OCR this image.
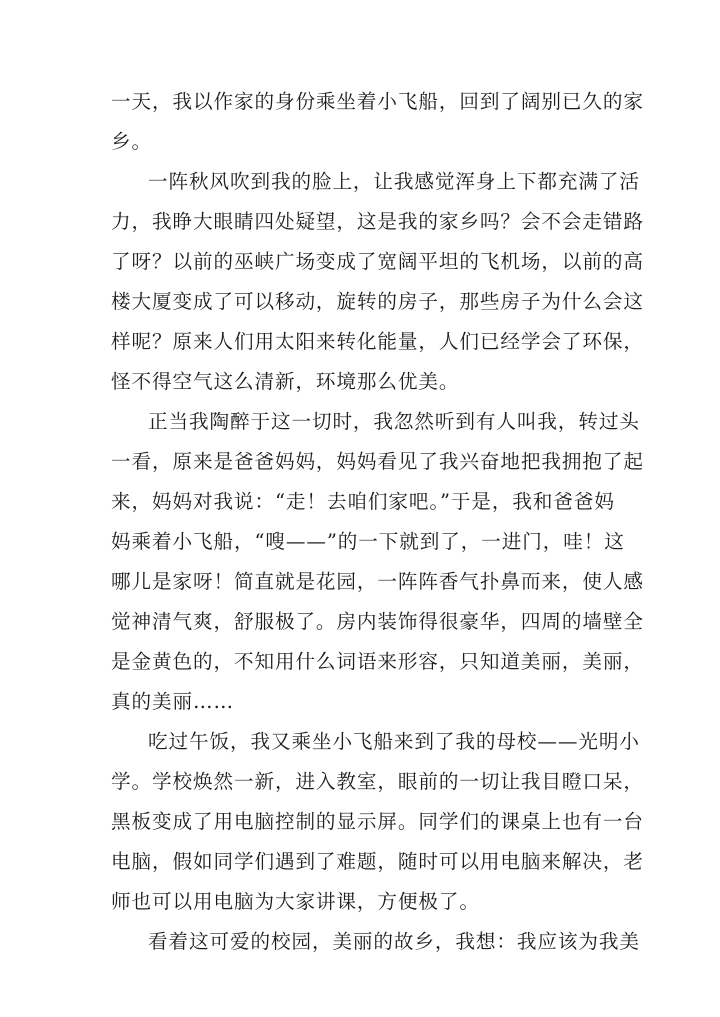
一天，我以作家的身份乘坐着小飞船，回到了阔别已久的家
乡。
一阵秋风吹到我的脸上，让我感觉浑身上下都充满了活
力，我睁大眼睛四处疑望，这是我的家乡吗？会不会走错路
了呀？以前的巫峡广场变成了宽阔平坦的飞机场，以前的高
楼大厦变成了可以移动，旋转的房子，那些房子为什么会这
样呢？原来人们用太阳来转化能量，人们已经学会了环保，
怪不得空气这么清新，环境那么优美。
正当我陶醉于这一切时，我忽然听到有人叫我，转过头
一看，原来是爸爸妈妈，妈妈看见了我兴奋地把我拥抱了起
来，妈妈对我说：“走！去咱们家吧。”于是，我和爸爸妈
妈乘着小飞船，“嗖——”的一下就到了，一进门，哇！这
哪儿是家呀！简直就是花园，一阵阵香气扑鼻而来，使人感
觉神清气爽，舒服极了。房内装饰得很豪华，四周的墙壁全
是金黄色的，不知用什么词语来形容，只知道美丽，美丽，
真的美丽……
吃过午饭，我又乘坐小飞船来到了我的母校——光明小
学。学校焕然一新，进入教室，眼前的一切让我目瞪口呆，
黑板变成了用电脑控制的显示屏。同学们的课桌上也有一台
电脑，假如同学们遇到了难题，随时可以用电脑来解决，老
师也可以用电脑为大家讲课，方便极了。
看着这可爱的校园，美丽的故乡，我想：我应该为我美
